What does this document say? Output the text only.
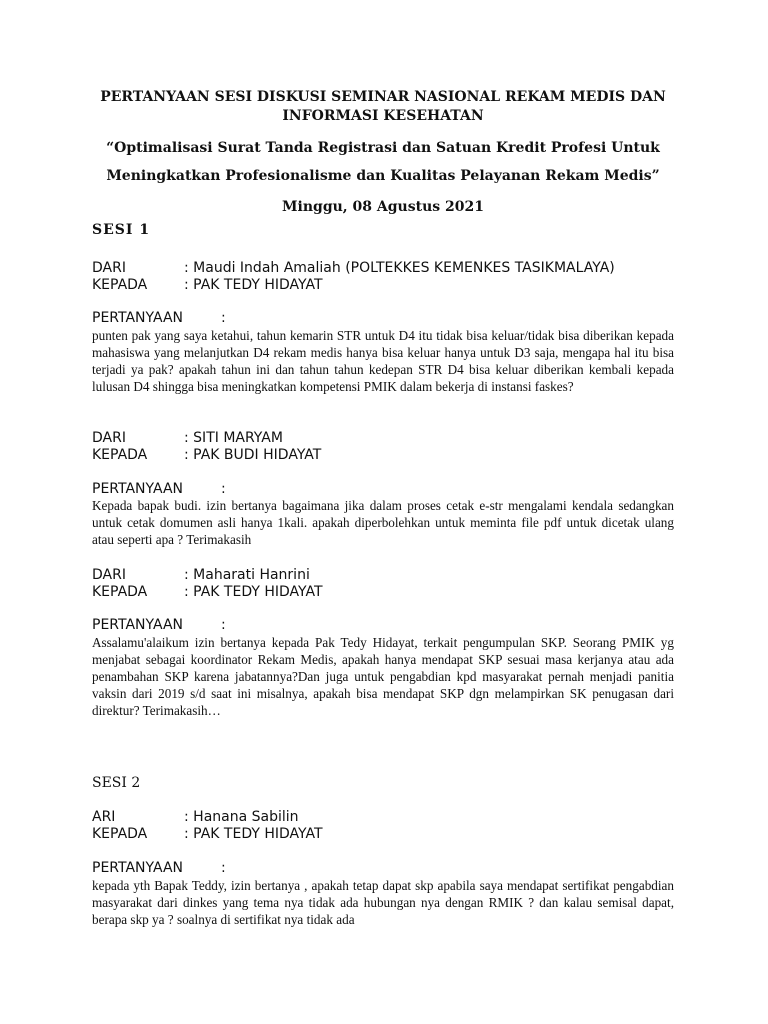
PERTANYAAN SESI DISKUSI SEMINAR NASIONAL REKAM MEDIS DAN
INFORMASI KESEHATAN
“Optimalisasi Surat Tanda Registrasi dan Satuan Kredit Profesi Untuk Meningkatkan Profesionalisme dan Kualitas Pelayanan Rekam Medis”
Minggu, 08 Agustus 2021
SESI 1
DARI	: Maudi Indah Amaliah (POLTEKKES KEMENKES TASIKMALAYA)
KEPADA	: PAK TEDY HIDAYAT
PERTANYAAN	:
punten pak yang saya ketahui, tahun kemarin STR untuk D4 itu tidak bisa keluar/tidak bisa diberikan kepada mahasiswa yang melanjutkan D4 rekam medis hanya bisa keluar hanya untuk D3 saja, mengapa hal itu bisa terjadi ya pak? apakah tahun ini dan tahun tahun kedepan STR D4 bisa keluar diberikan kembali kepada lulusan D4 shingga bisa meningkatkan kompetensi PMIK dalam bekerja di instansi faskes?
DARI	: SITI MARYAM
KEPADA	: PAK BUDI HIDAYAT
PERTANYAAN	:
Kepada bapak budi. izin bertanya bagaimana jika dalam proses cetak e-str mengalami kendala sedangkan untuk cetak domumen asli hanya 1kali. apakah diperbolehkan untuk meminta file pdf untuk dicetak ulang atau seperti apa ? Terimakasih
DARI	: Maharati Hanrini
KEPADA	: PAK TEDY HIDAYAT
PERTANYAAN	:
Assalamu'alaikum izin bertanya kepada Pak Tedy Hidayat, terkait pengumpulan SKP. Seorang PMIK yg menjabat sebagai koordinator Rekam Medis, apakah hanya mendapat SKP sesuai masa kerjanya atau ada penambahan SKP karena jabatannya?Dan juga untuk pengabdian kpd masyarakat pernah menjadi panitia vaksin dari 2019 s/d saat ini misalnya, apakah bisa mendapat SKP dgn melampirkan SK penugasan dari direktur? Terimakasih…
SESI 2
ARI	: Hanana Sabilin
KEPADA	: PAK TEDY HIDAYAT
PERTANYAAN	:
kepada yth Bapak Teddy, izin bertanya , apakah tetap dapat skp apabila saya mendapat sertifikat pengabdian masyarakat dari dinkes yang tema nya tidak ada hubungan nya dengan RMIK ? dan kalau semisal dapat, berapa skp ya ? soalnya di sertifikat nya tidak ada
